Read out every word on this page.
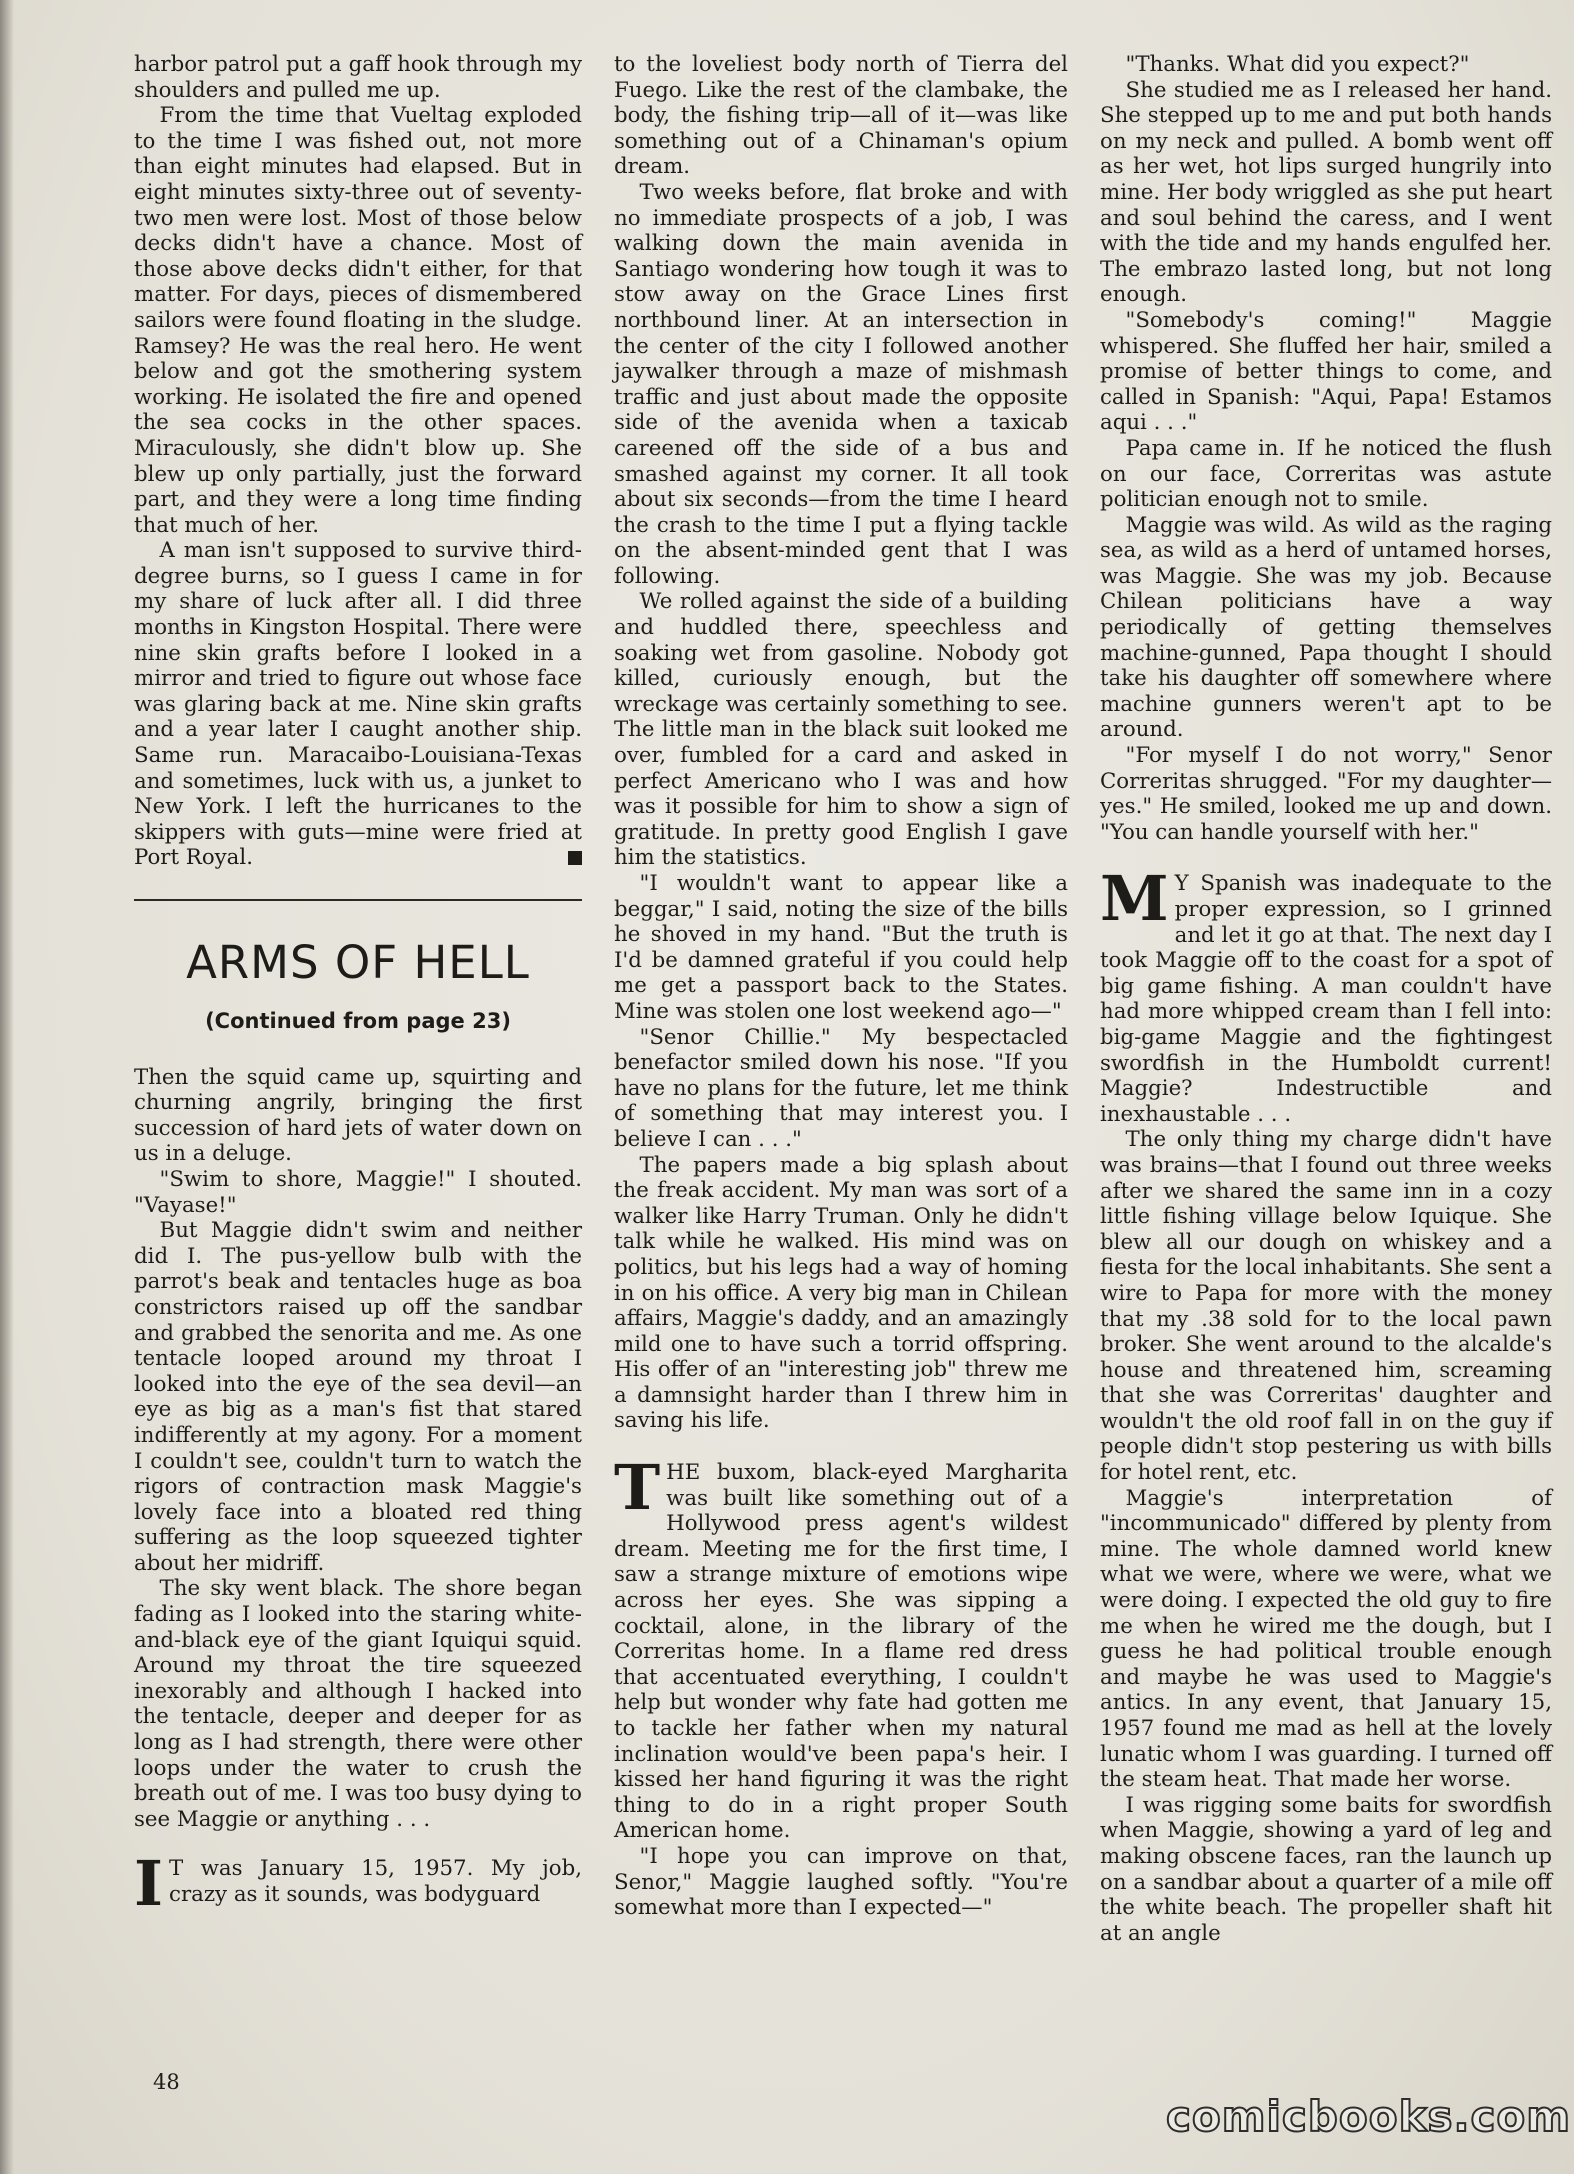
harbor patrol put a gaff hook through my shoulders and pulled me up.

From the time that Vueltag exploded to the time I was fished out, not more than eight minutes had elapsed. But in eight minutes sixty-three out of seventy-two men were lost. Most of those below decks didn't have a chance. Most of those above decks didn't either, for that matter. For days, pieces of dismembered sailors were found floating in the sludge. Ramsey? He was the real hero. He went below and got the smothering system working. He isolated the fire and opened the sea cocks in the other spaces. Miraculously, she didn't blow up. She blew up only partially, just the forward part, and they were a long time finding that much of her.

A man isn't supposed to survive third-degree burns, so I guess I came in for my share of luck after all. I did three months in Kingston Hospital. There were nine skin grafts before I looked in a mirror and tried to figure out whose face was glaring back at me. Nine skin grafts and a year later I caught another ship. Same run. Maracaibo-Louisiana-Texas and sometimes, luck with us, a junket to New York. I left the hurricanes to the skippers with guts—mine were fried at Port Royal.

ARMS OF HELL
(Continued from page 23)

Then the squid came up, squirting and churning angrily, bringing the first succession of hard jets of water down on us in a deluge.

"Swim to shore, Maggie!" I shouted. "Vayase!"

But Maggie didn't swim and neither did I. The pus-yellow bulb with the parrot's beak and tentacles huge as boa constrictors raised up off the sandbar and grabbed the senorita and me. As one tentacle looped around my throat I looked into the eye of the sea devil—an eye as big as a man's fist that stared indifferently at my agony. For a moment I couldn't see, couldn't turn to watch the rigors of contraction mask Maggie's lovely face into a bloated red thing suffering as the loop squeezed tighter about her midriff.

The sky went black. The shore began fading as I looked into the staring white-and-black eye of the giant Iquiqui squid. Around my throat the tire squeezed inexorably and although I hacked into the tentacle, deeper and deeper for as long as I had strength, there were other loops under the water to crush the breath out of me. I was too busy dying to see Maggie or anything . . .

I T was January 15, 1957. My job, crazy as it sounds, was bodyguard

to the loveliest body north of Tierra del Fuego. Like the rest of the clambake, the body, the fishing trip—all of it—was like something out of a Chinaman's opium dream.

Two weeks before, flat broke and with no immediate prospects of a job, I was walking down the main avenida in Santiago wondering how tough it was to stow away on the Grace Lines first northbound liner. At an intersection in the center of the city I followed another jaywalker through a maze of mishmash traffic and just about made the opposite side of the avenida when a taxicab careened off the side of a bus and smashed against my corner. It all took about six seconds—from the time I heard the crash to the time I put a flying tackle on the absent-minded gent that I was following.

We rolled against the side of a building and huddled there, speechless and soaking wet from gasoline. Nobody got killed, curiously enough, but the wreckage was certainly something to see. The little man in the black suit looked me over, fumbled for a card and asked in perfect Americano who I was and how was it possible for him to show a sign of gratitude. In pretty good English I gave him the statistics.

"I wouldn't want to appear like a beggar," I said, noting the size of the bills he shoved in my hand. "But the truth is I'd be damned grateful if you could help me get a passport back to the States. Mine was stolen one lost weekend ago—"

"Senor Chillie." My bespectacled benefactor smiled down his nose. "If you have no plans for the future, let me think of something that may interest you. I believe I can . . ."

The papers made a big splash about the freak accident. My man was sort of a walker like Harry Truman. Only he didn't talk while he walked. His mind was on politics, but his legs had a way of homing in on his office. A very big man in Chilean affairs, Maggie's daddy, and an amazingly mild one to have such a torrid offspring. His offer of an "interesting job" threw me a damnsight harder than I threw him in saving his life.

THE buxom, black-eyed Margharita was built like something out of a Hollywood press agent's wildest dream. Meeting me for the first time, I saw a strange mixture of emotions wipe across her eyes. She was sipping a cocktail, alone, in the library of the Correritas home. In a flame red dress that accentuated everything, I couldn't help but wonder why fate had gotten me to tackle her father when my natural inclination would've been papa's heir. I kissed her hand figuring it was the right thing to do in a right proper South American home.

"I hope you can improve on that, Senor," Maggie laughed softly. "You're somewhat more than I expected—"

"Thanks. What did you expect?"

She studied me as I released her hand. She stepped up to me and put both hands on my neck and pulled. A bomb went off as her wet, hot lips surged hungrily into mine. Her body wriggled as she put heart and soul behind the caress, and I went with the tide and my hands engulfed her. The embrazo lasted long, but not long enough.

"Somebody's coming!" Maggie whispered. She fluffed her hair, smiled a promise of better things to come, and called in Spanish: "Aqui, Papa! Estamos aqui . . ."

Papa came in. If he noticed the flush on our face, Correritas was astute politician enough not to smile.

Maggie was wild. As wild as the raging sea, as wild as a herd of untamed horses, was Maggie. She was my job. Because Chilean politicians have a way periodically of getting themselves machine-gunned, Papa thought I should take his daughter off somewhere where machine gunners weren't apt to be around.

"For myself I do not worry," Senor Correritas shrugged. "For my daughter—yes." He smiled, looked me up and down. "You can handle yourself with her."

M Y Spanish was inadequate to the proper expression, so I grinned and let it go at that. The next day I took Maggie off to the coast for a spot of big game fishing. A man couldn't have had more whipped cream than I fell into: big-game Maggie and the fightingest swordfish in the Humboldt current! Maggie? Indestructible and inexhaustable . . .

The only thing my charge didn't have was brains—that I found out three weeks after we shared the same inn in a cozy little fishing village below Iquique. She blew all our dough on whiskey and a fiesta for the local inhabitants. She sent a wire to Papa for more with the money that my .38 sold for to the local pawn broker. She went around to the alcalde's house and threatened him, screaming that she was Correritas' daughter and wouldn't the old roof fall in on the guy if people didn't stop pestering us with bills for hotel rent, etc.

Maggie's interpretation of "incommunicado" differed by plenty from mine. The whole damned world knew what we were, where we were, what we were doing. I expected the old guy to fire me when he wired me the dough, but I guess he had political trouble enough and maybe he was used to Maggie's antics. In any event, that January 15, 1957 found me mad as hell at the lovely lunatic whom I was guarding. I turned off the steam heat. That made her worse.

I was rigging some baits for swordfish when Maggie, showing a yard of leg and making obscene faces, ran the launch up on a sandbar about a quarter of a mile off the white beach. The propeller shaft hit at an angle

48
comicbooks.com
